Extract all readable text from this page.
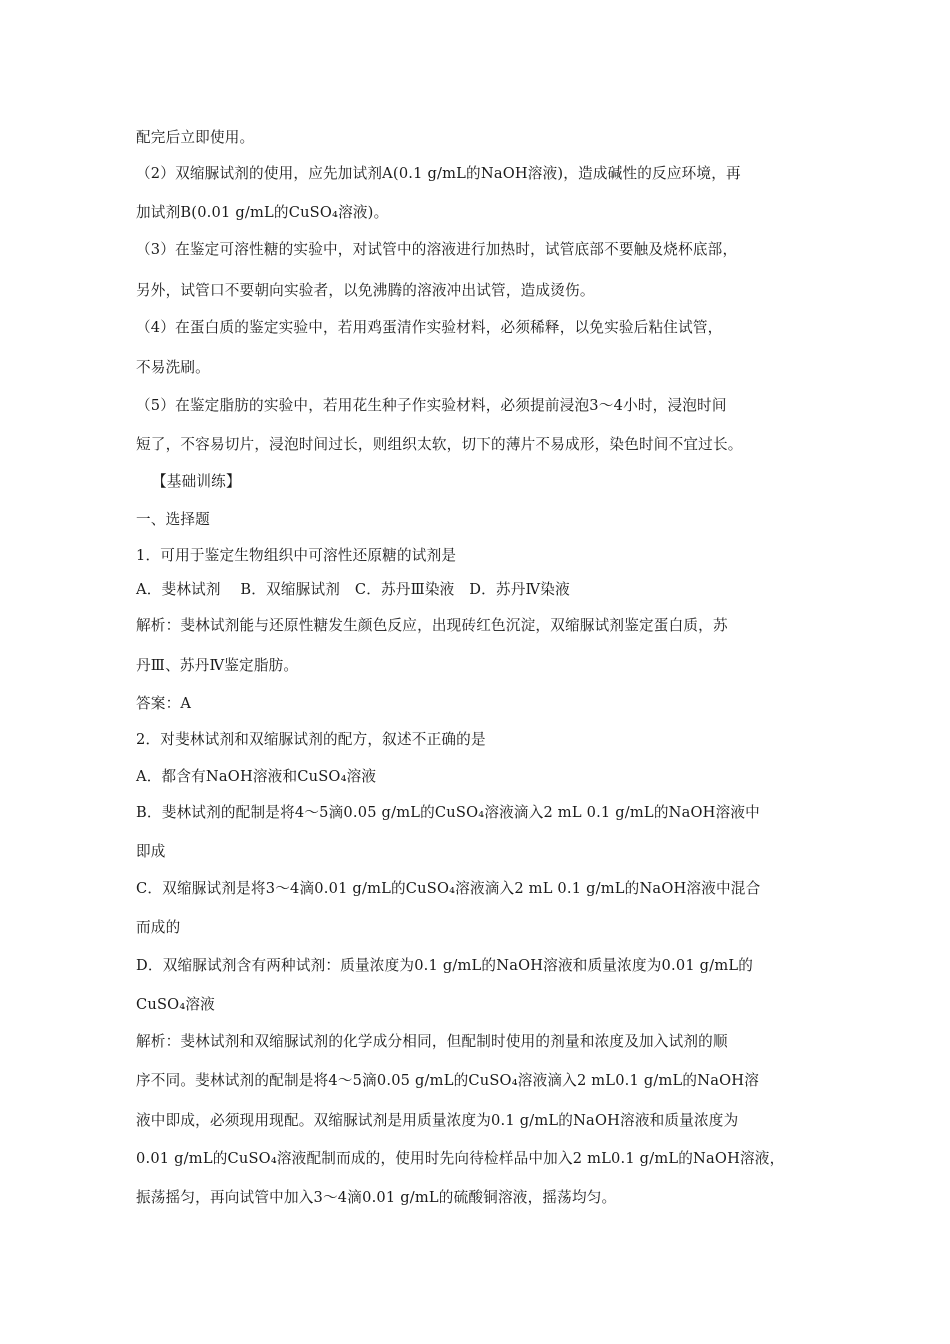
配完后立即使用。
（2）双缩脲试剂的使用，应先加试剂A(0.1 g/mL的NaOH溶液)，造成碱性的反应环境，再
加试剂B(0.01 g/mL的CuSO₄溶液)。
（3）在鉴定可溶性糖的实验中，对试管中的溶液进行加热时，试管底部不要触及烧杯底部，
另外，试管口不要朝向实验者，以免沸腾的溶液冲出试管，造成烫伤。
（4）在蛋白质的鉴定实验中，若用鸡蛋清作实验材料，必须稀释，以免实验后粘住试管，
不易洗刷。
（5）在鉴定脂肪的实验中，若用花生种子作实验材料，必须提前浸泡3～4小时，浸泡时间
短了，不容易切片，浸泡时间过长，则组织太软，切下的薄片不易成形，染色时间不宜过长。
【基础训练】
一、选择题
1．可用于鉴定生物组织中可溶性还原糖的试剂是
A．斐林试剂　 B．双缩脲试剂　C．苏丹Ⅲ染液　D．苏丹Ⅳ染液
解析：斐林试剂能与还原性糖发生颜色反应，出现砖红色沉淀，双缩脲试剂鉴定蛋白质，苏
丹Ⅲ、苏丹Ⅳ鉴定脂肪。
答案：A
2．对斐林试剂和双缩脲试剂的配方，叙述不正确的是
A．都含有NaOH溶液和CuSO₄溶液
B．斐林试剂的配制是将4～5滴0.05 g/mL的CuSO₄溶液滴入2 mL 0.1 g/mL的NaOH溶液中
即成
C．双缩脲试剂是将3～4滴0.01 g/mL的CuSO₄溶液滴入2 mL 0.1 g/mL的NaOH溶液中混合
而成的
D．双缩脲试剂含有两种试剂：质量浓度为0.1 g/mL的NaOH溶液和质量浓度为0.01 g/mL的
CuSO₄溶液
解析：斐林试剂和双缩脲试剂的化学成分相同，但配制时使用的剂量和浓度及加入试剂的顺
序不同。斐林试剂的配制是将4～5滴0.05 g/mL的CuSO₄溶液滴入2 mL0.1 g/mL的NaOH溶
液中即成，必须现用现配。双缩脲试剂是用质量浓度为0.1 g/mL的NaOH溶液和质量浓度为
0.01 g/mL的CuSO₄溶液配制而成的，使用时先向待检样品中加入2 mL0.1 g/mL的NaOH溶液，
振荡摇匀，再向试管中加入3～4滴0.01 g/mL的硫酸铜溶液，摇荡均匀。
